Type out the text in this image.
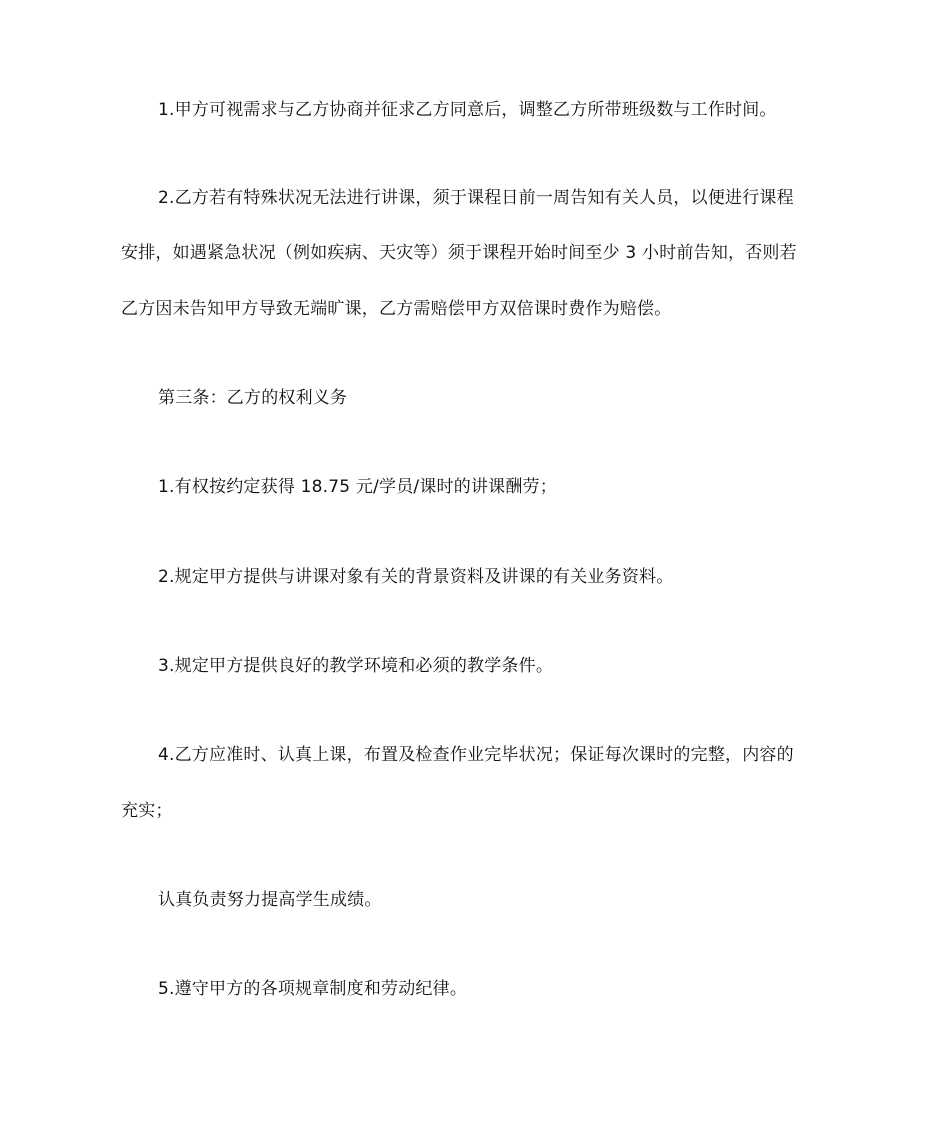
1.甲方可视需求与乙方协商并征求乙方同意后，调整乙方所带班级数与工作时间。

2.乙方若有特殊状况无法进行讲课，须于课程日前一周告知有关人员，以便进行课程

安排，如遇紧急状况（例如疾病、天灾等）须于课程开始时间至少 3 小时前告知，否则若

乙方因未告知甲方导致无端旷课，乙方需赔偿甲方双倍课时费作为赔偿。

第三条：乙方的权利义务

1.有权按约定获得 18.75 元/学员/课时的讲课酬劳；

2.规定甲方提供与讲课对象有关的背景资料及讲课的有关业务资料。

3.规定甲方提供良好的教学环境和必须的教学条件。

4.乙方应准时、认真上课，布置及检查作业完毕状况；保证每次课时的完整，内容的

充实；

认真负责努力提高学生成绩。

5.遵守甲方的各项规章制度和劳动纪律。
